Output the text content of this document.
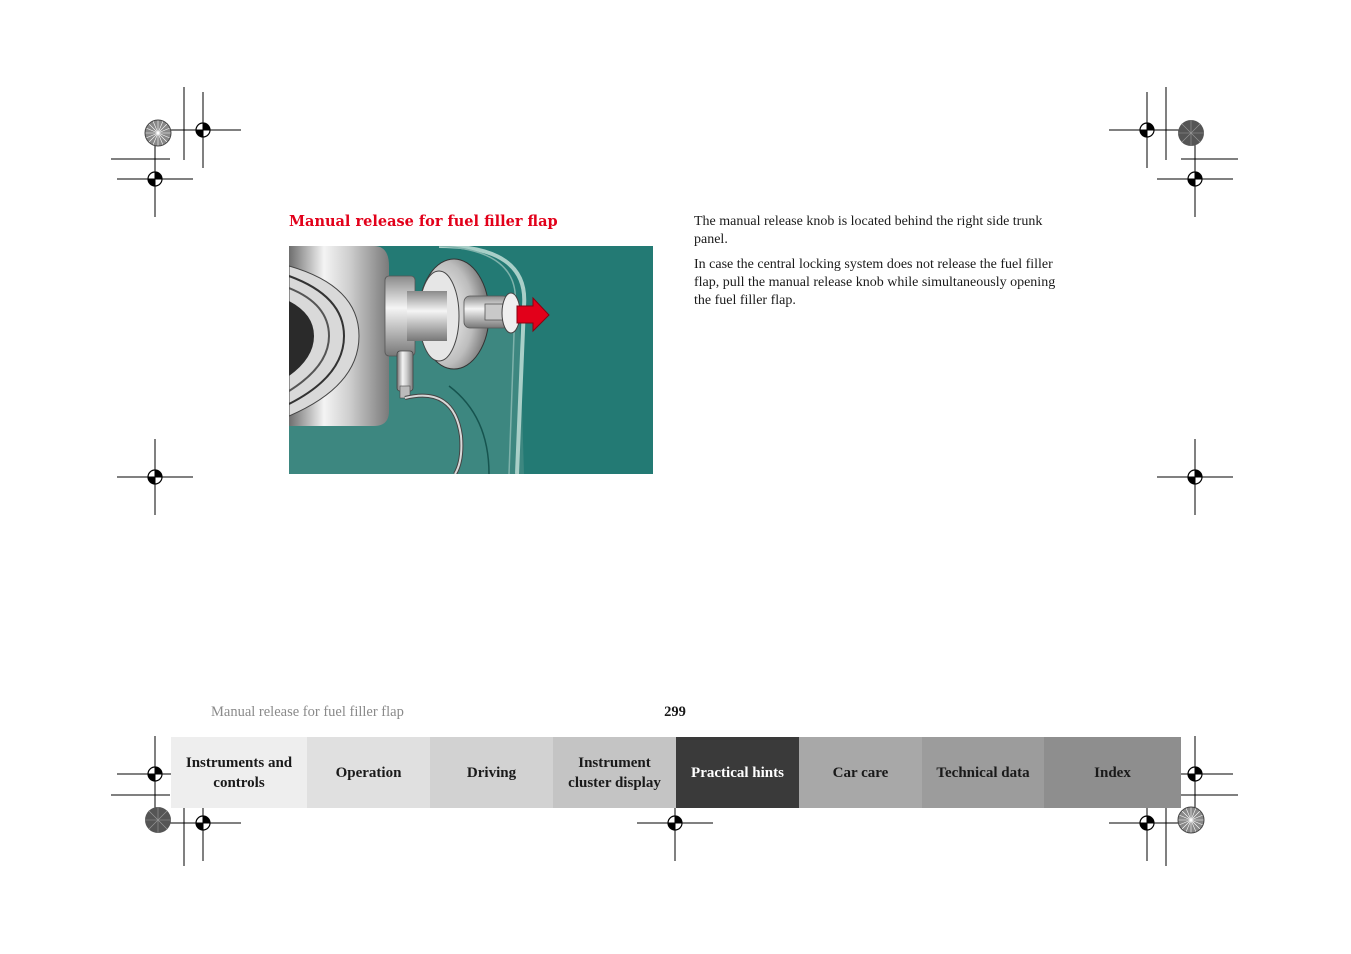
Manual release for fuel filler flap	The manual release knob is located behind the right side trunk panel.

In case the central locking system does not release the fuel filler flap, pull the manual release knob while simultaneously opening the fuel filler flap.

Manual release for fuel filler flap	299
Instruments and controls
Operation	Driving
Instrument cluster display
Practical hints	Car care	Technical data	Index
